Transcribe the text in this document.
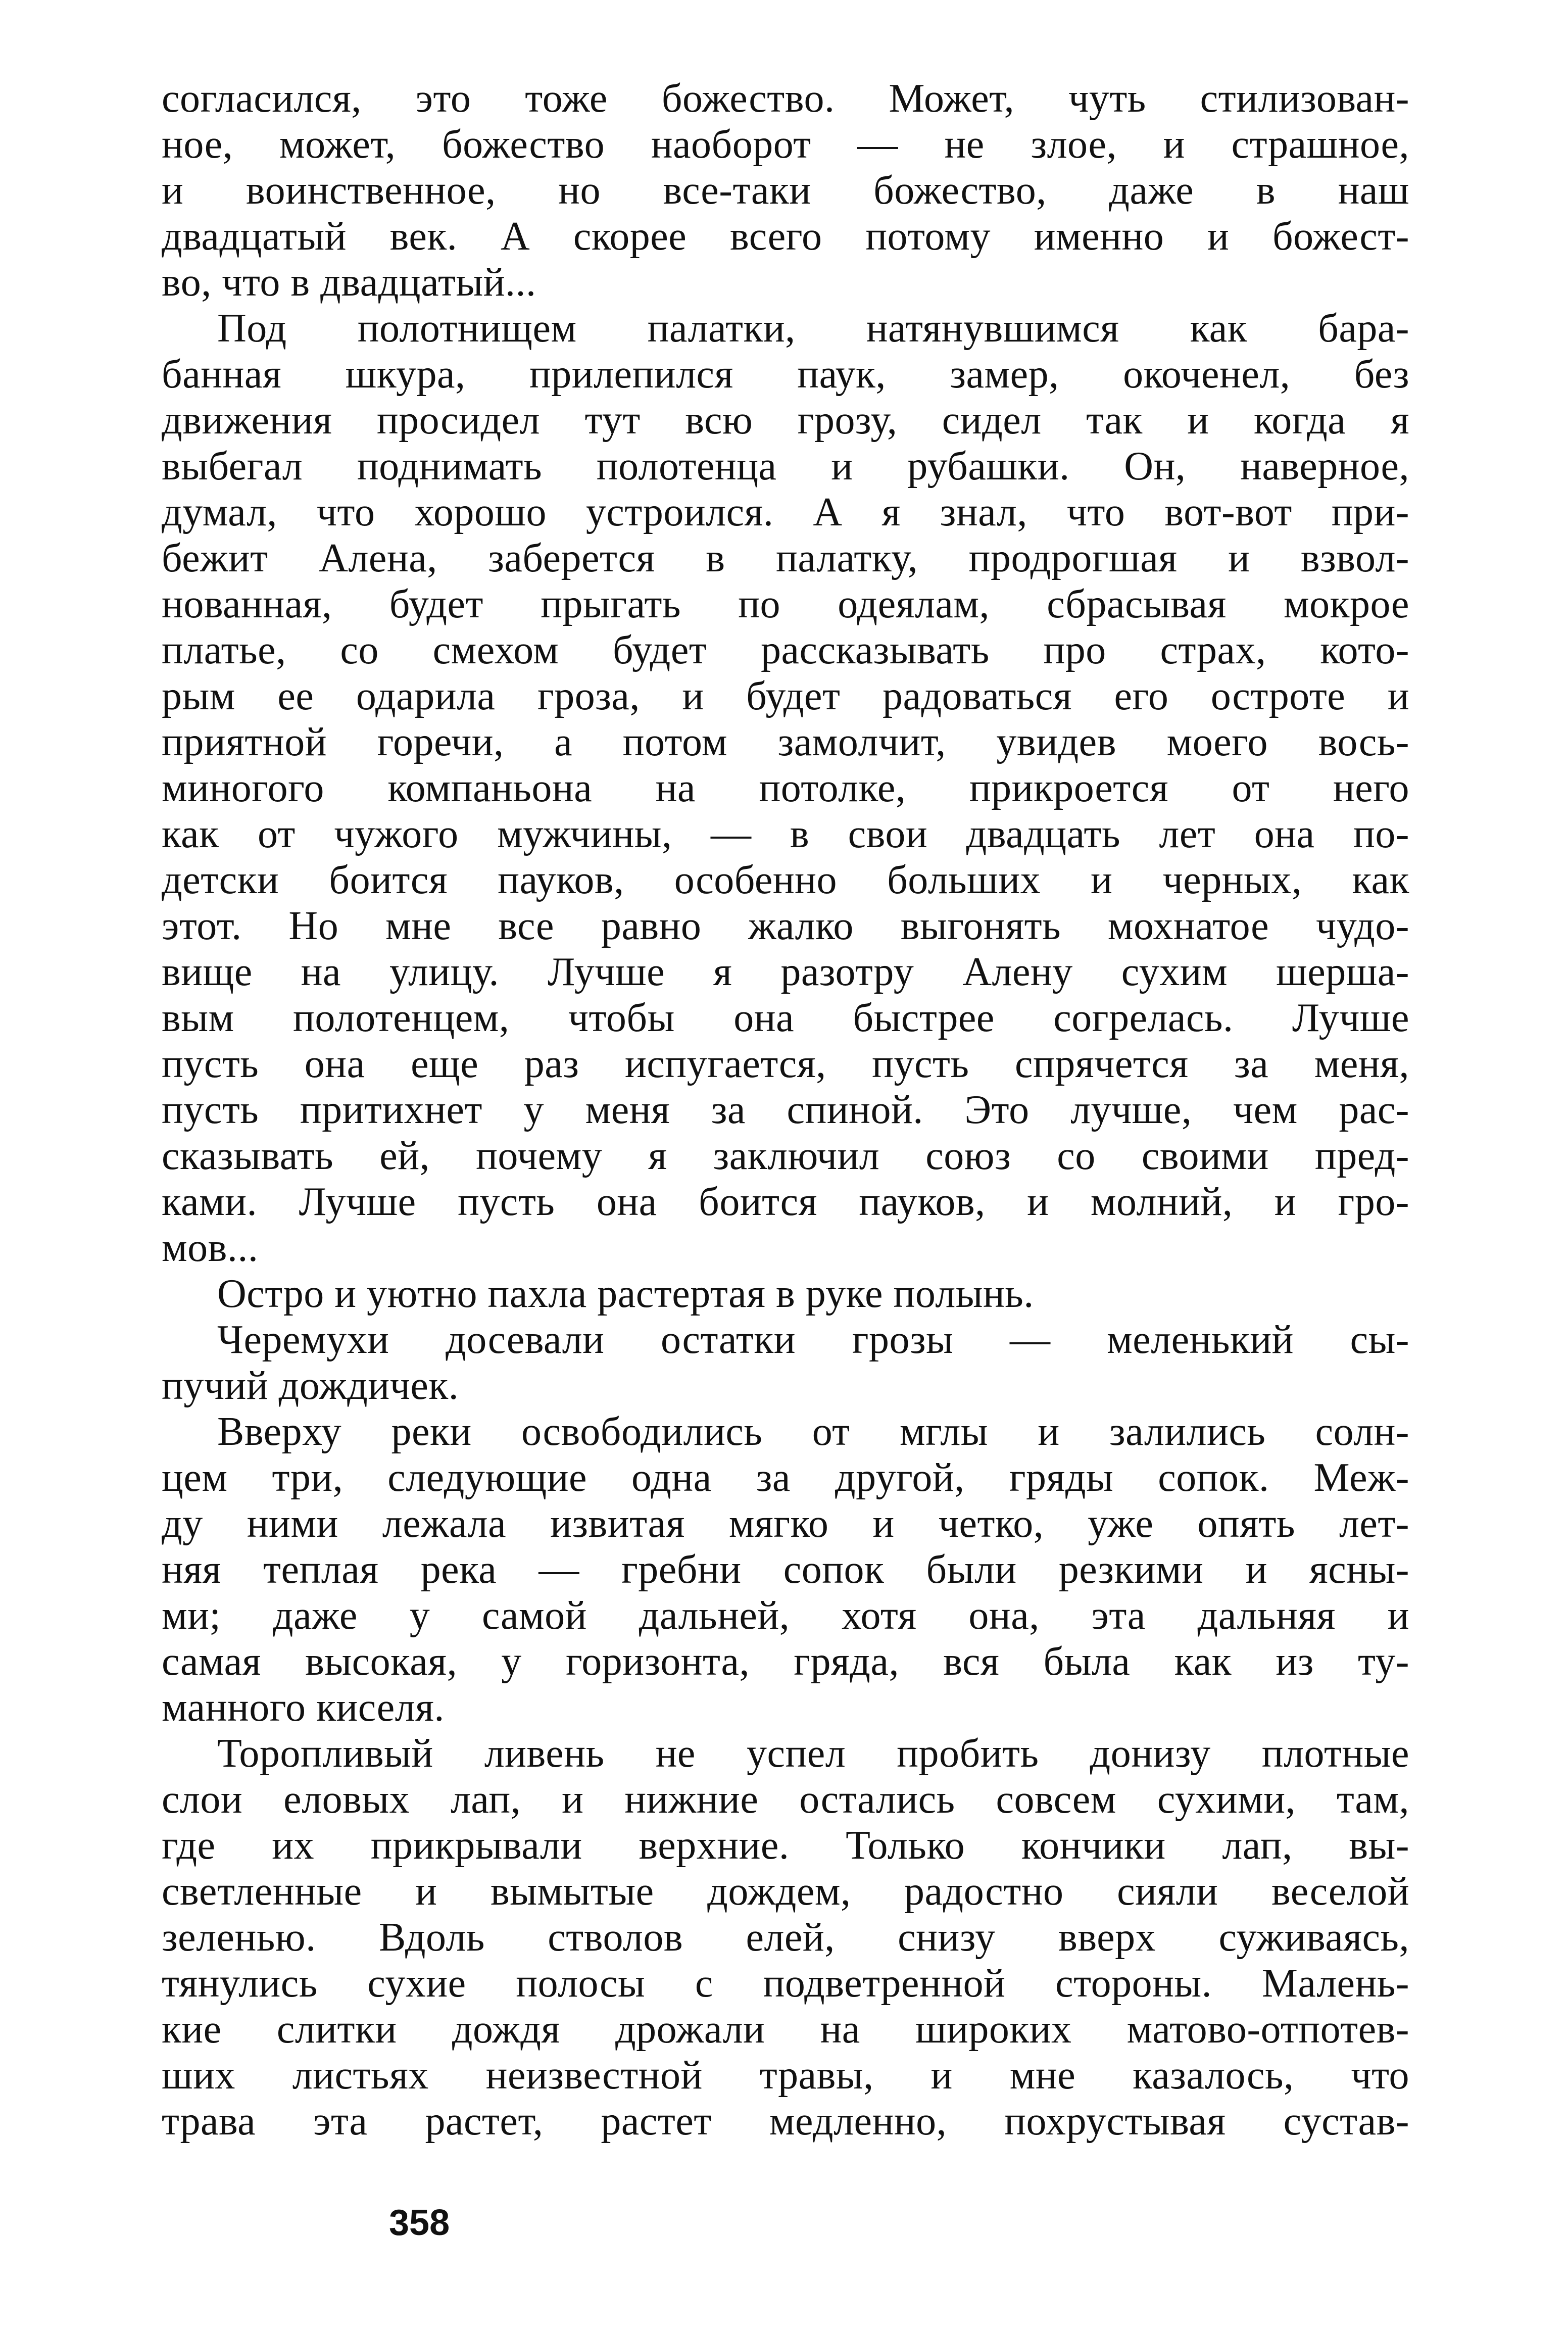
согласился, это тоже божество. Может, чуть стилизован-
ное, может, божество наоборот — не злое, и страшное,
и воинственное, но все-таки божество, даже в наш
двадцатый век. А скорее всего потому именно и божест-
во, что в двадцатый...
Под полотнищем палатки, натянувшимся как бара-
банная шкура, прилепился паук, замер, окоченел, без
движения просидел тут всю грозу, сидел так и когда я
выбегал поднимать полотенца и рубашки. Он, наверное,
думал, что хорошо устроился. А я знал, что вот-вот при-
бежит Алена, заберется в палатку, продрогшая и взвол-
нованная, будет прыгать по одеялам, сбрасывая мокрое
платье, со смехом будет рассказывать про страх, кото-
рым ее одарила гроза, и будет радоваться его остроте и
приятной горечи, а потом замолчит, увидев моего вось-
миногого компаньона на потолке, прикроется от него
как от чужого мужчины, — в свои двадцать лет она по-
детски боится пауков, особенно больших и черных, как
этот. Но мне все равно жалко выгонять мохнатое чудо-
вище на улицу. Лучше я разотру Алену сухим шерша-
вым полотенцем, чтобы она быстрее согрелась. Лучше
пусть она еще раз испугается, пусть спрячется за меня,
пусть притихнет у меня за спиной. Это лучше, чем рас-
сказывать ей, почему я заключил союз со своими пред-
ками. Лучше пусть она боится пауков, и молний, и гро-
мов...
Остро и уютно пахла растертая в руке полынь.
Черемухи досевали остатки грозы — меленький сы-
пучий дождичек.
Вверху реки освободились от мглы и залились солн-
цем три, следующие одна за другой, гряды сопок. Меж-
ду ними лежала извитая мягко и четко, уже опять лет-
няя теплая река — гребни сопок были резкими и ясны-
ми; даже у самой дальней, хотя она, эта дальняя и
самая высокая, у горизонта, гряда, вся была как из ту-
манного киселя.
Торопливый ливень не успел пробить донизу плотные
слои еловых лап, и нижние остались совсем сухими, там,
где их прикрывали верхние. Только кончики лап, вы-
светленные и вымытые дождем, радостно сияли веселой
зеленью. Вдоль стволов елей, снизу вверх суживаясь,
тянулись сухие полосы с подветренной стороны. Малень-
кие слитки дождя дрожали на широких матово-отпотев-
ших листьях неизвестной травы, и мне казалось, что
трава эта растет, растет медленно, похрустывая сустав-
358
